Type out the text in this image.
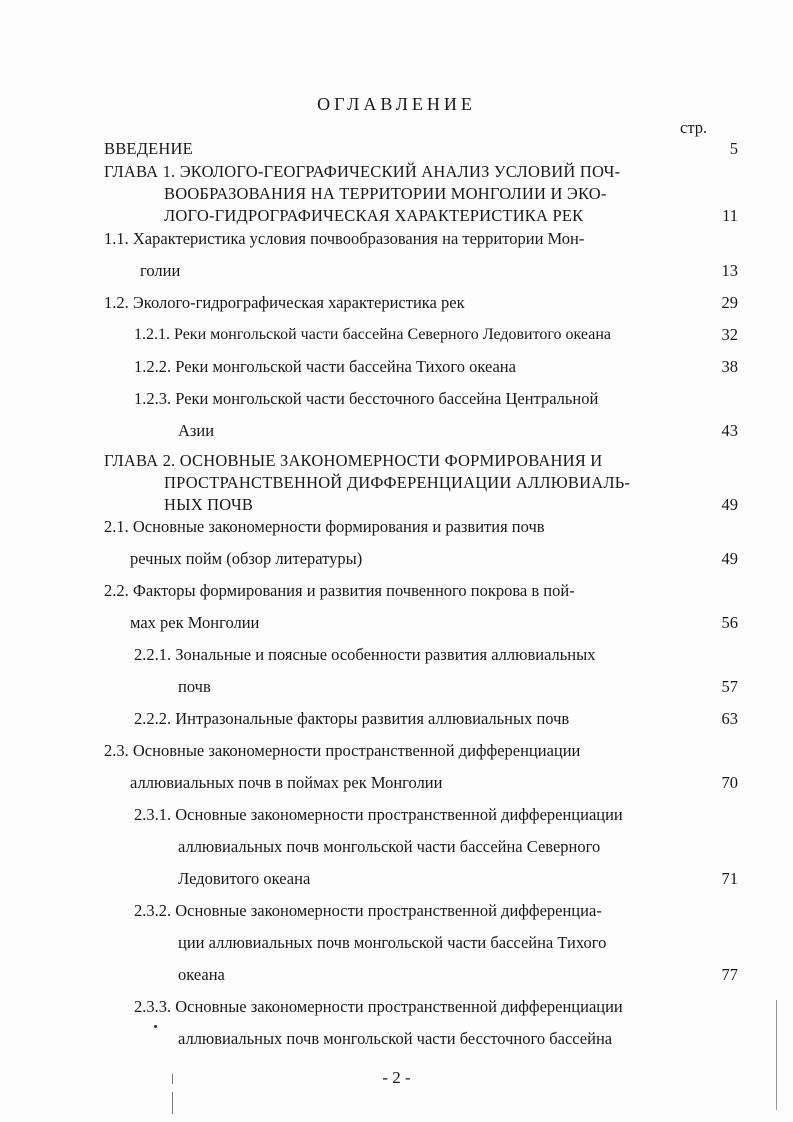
ОГЛАВЛЕНИЕ
стр.
ВВЕДЕНИЕ	5
ГЛАВА 1. ЭКОЛОГО-ГЕОГРАФИЧЕСКИЙ АНАЛИЗ УСЛОВИЙ ПОЧ-
ВООБРАЗОВАНИЯ НА ТЕРРИТОРИИ МОНГОЛИИ И ЭКО-
ЛОГО-ГИДРОГРАФИЧЕСКАЯ ХАРАКТЕРИСТИКА РЕК	11
1.1. Характеристика условия почвообразования на территории Мон-
голии	13
1.2. Эколого-гидрографическая характеристика рек	29
1.2.1. Реки монгольской части бассейна Северного Ледовитого океана	32
1.2.2. Реки монгольской части бассейна Тихого океана	38
1.2.3. Реки монгольской части бессточного бассейна Центральной
Азии	43
ГЛАВА 2. ОСНОВНЫЕ ЗАКОНОМЕРНОСТИ ФОРМИРОВАНИЯ И
ПРОСТРАНСТВЕННОЙ ДИФФЕРЕНЦИАЦИИ АЛЛЮВИАЛЬ-
НЫХ ПОЧВ	49
2.1. Основные закономерности формирования и развития почв
речных пойм (обзор литературы)	49
2.2. Факторы формирования и развития почвенного покрова в пой-
мах рек Монголии	56
2.2.1. Зональные и поясные особенности развития аллювиальных
почв	57
2.2.2. Интразональные факторы развития аллювиальных почв	63
2.3. Основные закономерности пространственной дифференциации
аллювиальных почв в поймах рек Монголии	70
2.3.1. Основные закономерности пространственной дифференциации
аллювиальных почв монгольской части бассейна Северного
Ледовитого океана	71
2.3.2. Основные закономерности пространственной дифференциа-
ции аллювиальных почв монгольской части бассейна Тихого
океана	77
2.3.3. Основные закономерности пространственной дифференциации
аллювиальных почв монгольской части бессточного бассейна
- 2 -
